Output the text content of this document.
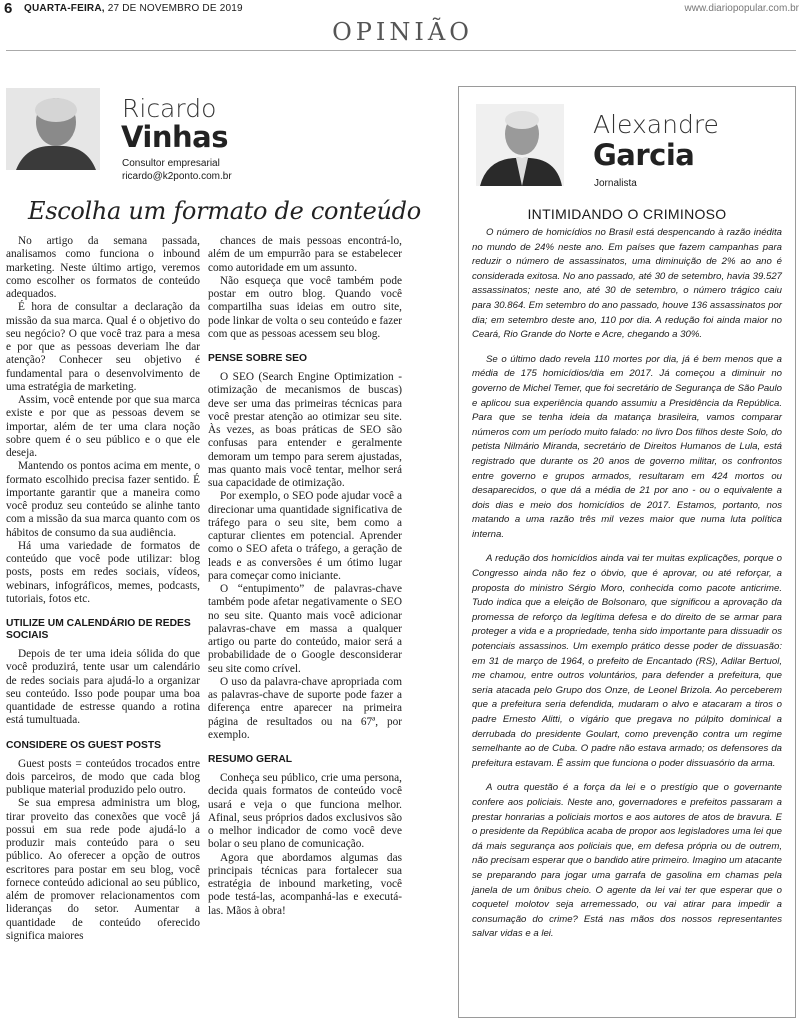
6 QUARTA-FEIRA, 27 DE NOVEMBRO DE 2019	www.diariopopular.com.br
OPINIÃO
Ricardo
Vinhas
Consultor empresarial
ricardo@k2ponto.com.br
Escolha um formato de conteúdo

No artigo da semana passada, analisamos como funciona o inbound marketing. Neste último artigo, veremos como escolher os formatos de conteúdo adequados.

É hora de consultar a declaração da missão da sua marca. Qual é o objetivo do seu negócio? O que você traz para a mesa e por que as pessoas deveriam lhe dar atenção? Conhecer seu objetivo é fundamental para o desenvolvimento de uma estratégia de marketing.

Assim, você entende por que sua marca existe e por que as pessoas devem se importar, além de ter uma clara noção sobre quem é o seu público e o que ele deseja.

Mantendo os pontos acima em mente, o formato escolhido precisa fazer sentido. É importante garantir que a maneira como você produz seu conteúdo se alinhe tanto com a missão da sua marca quanto com os hábitos de consumo da sua audiência.

Há uma variedade de formatos de conteúdo que você pode utilizar: blog posts, posts em redes sociais, vídeos, webinars, infográficos, memes, podcasts, tutoriais, fotos etc.

UTILIZE UM CALENDÁRIO DE REDES SOCIAIS

Depois de ter uma ideia sólida do que você produzirá, tente usar um calendário de redes sociais para ajudá-lo a organizar seu conteúdo. Isso pode poupar uma boa quantidade de estresse quando a rotina está tumultuada.

CONSIDERE OS GUEST POSTS

Guest posts = conteúdos trocados entre dois parceiros, de modo que cada blog publique material produzido pelo outro.

Se sua empresa administra um blog, tirar proveito das conexões que você já possui em sua rede pode ajudá-lo a produzir mais conteúdo para o seu público. Ao oferecer a opção de outros escritores para postar em seu blog, você fornece conteúdo adicional ao seu público, além de promover relacionamentos com lideranças do setor. Aumentar a quantidade de conteúdo oferecido significa maiores

chances de mais pessoas encontrá-lo, além de um empurrão para se estabelecer como autoridade em um assunto.

Não esqueça que você também pode postar em outro blog. Quando você compartilha suas ideias em outro site, pode linkar de volta o seu conteúdo e fazer com que as pessoas acessem seu blog.

PENSE SOBRE SEO

O SEO (Search Engine Optimization - otimização de mecanismos de buscas) deve ser uma das primeiras técnicas para você prestar atenção ao otimizar seu site. Às vezes, as boas práticas de SEO são confusas para entender e geralmente demoram um tempo para serem ajustadas, mas quanto mais você tentar, melhor será sua capacidade de otimização.

Por exemplo, o SEO pode ajudar você a direcionar uma quantidade significativa de tráfego para o seu site, bem como a capturar clientes em potencial. Aprender como o SEO afeta o tráfego, a geração de leads e as conversões é um ótimo lugar para começar como iniciante.

O “entupimento” de palavras-chave também pode afetar negativamente o SEO no seu site. Quanto mais você adicionar palavras-chave em massa a qualquer artigo ou parte do conteúdo, maior será a probabilidade de o Google desconsiderar seu site como crível.

O uso da palavra-chave apropriada com as palavras-chave de suporte pode fazer a diferença entre aparecer na primeira página de resultados ou na 67ª, por exemplo.

RESUMO GERAL

Conheça seu público, crie uma persona, decida quais formatos de conteúdo você usará e veja o que funciona melhor. Afinal, seus próprios dados exclusivos são o melhor indicador de como você deve bolar o seu plano de comunicação.

Agora que abordamos algumas das principais técnicas para fortalecer sua estratégia de inbound marketing, você pode testá-las, acompanhá-las e executá-las. Mãos à obra!

Alexandre
Garcia
Jornalista
INTIMIDANDO O CRIMINOSO

O número de homicídios no Brasil está despencando à razão inédita no mundo de 24% neste ano. Em países que fazem campanhas para reduzir o número de assassinatos, uma diminuição de 2% ao ano é considerada exitosa. No ano passado, até 30 de setembro, havia 39.527 assassinatos; neste ano, até 30 de setembro, o número trágico caiu para 30.864. Em setembro do ano passado, houve 136 assassinatos por dia; em setembro deste ano, 110 por dia. A redução foi ainda maior no Ceará, Rio Grande do Norte e Acre, chegando a 30%.

Se o último dado revela 110 mortes por dia, já é bem menos que a média de 175 homicídios/dia em 2017. Já começou a diminuir no governo de Michel Temer, que foi secretário de Segurança de São Paulo e aplicou sua experiência quando assumiu a Presidência da República. Para que se tenha ideia da matança brasileira, vamos comparar números com um período muito falado: no livro Dos filhos deste Solo, do petista Nilmário Miranda, secretário de Direitos Humanos de Lula, está registrado que durante os 20 anos de governo militar, os confrontos entre governo e grupos armados, resultaram em 424 mortos ou desaparecidos, o que dá a média de 21 por ano - ou o equivalente a dois dias e meio dos homicídios de 2017. Estamos, portanto, nos matando a uma razão três mil vezes maior que numa luta política interna.

A redução dos homicídios ainda vai ter muitas explicações, porque o Congresso ainda não fez o óbvio, que é aprovar, ou até reforçar, a proposta do ministro Sérgio Moro, conhecida como pacote anticrime. Tudo indica que a eleição de Bolsonaro, que significou a aprovação da promessa de reforço da legítima defesa e do direito de se armar para proteger a vida e a propriedade, tenha sido importante para dissuadir os potenciais assassinos. Um exemplo prático desse poder de dissuasão: em 31 de março de 1964, o prefeito de Encantado (RS), Adilar Bertuol, me chamou, entre outros voluntários, para defender a prefeitura, que seria atacada pelo Grupo dos Onze, de Leonel Brizola. Ao perceberem que a prefeitura seria defendida, mudaram o alvo e atacaram a tiros o padre Ernesto Alitti, o vigário que pregava no púlpito dominical a derrubada do presidente Goulart, como prevenção contra um regime semelhante ao de Cuba. O padre não estava armado; os defensores da prefeitura estavam. É assim que funciona o poder dissuasório da arma.

A outra questão é a força da lei e o prestígio que o governante confere aos policiais. Neste ano, governadores e prefeitos passaram a prestar honrarias a policiais mortos e aos autores de atos de bravura. E o presidente da República acaba de propor aos legisladores uma lei que dá mais segurança aos policiais que, em defesa própria ou de outrem, não precisam esperar que o bandido atire primeiro. Imagino um atacante se preparando para jogar uma garrafa de gasolina em chamas pela janela de um ônibus cheio. O agente da lei vai ter que esperar que o coquetel molotov seja arremessado, ou vai atirar para impedir a consumação do crime? Está nas mãos dos nossos representantes salvar vidas e a lei.
